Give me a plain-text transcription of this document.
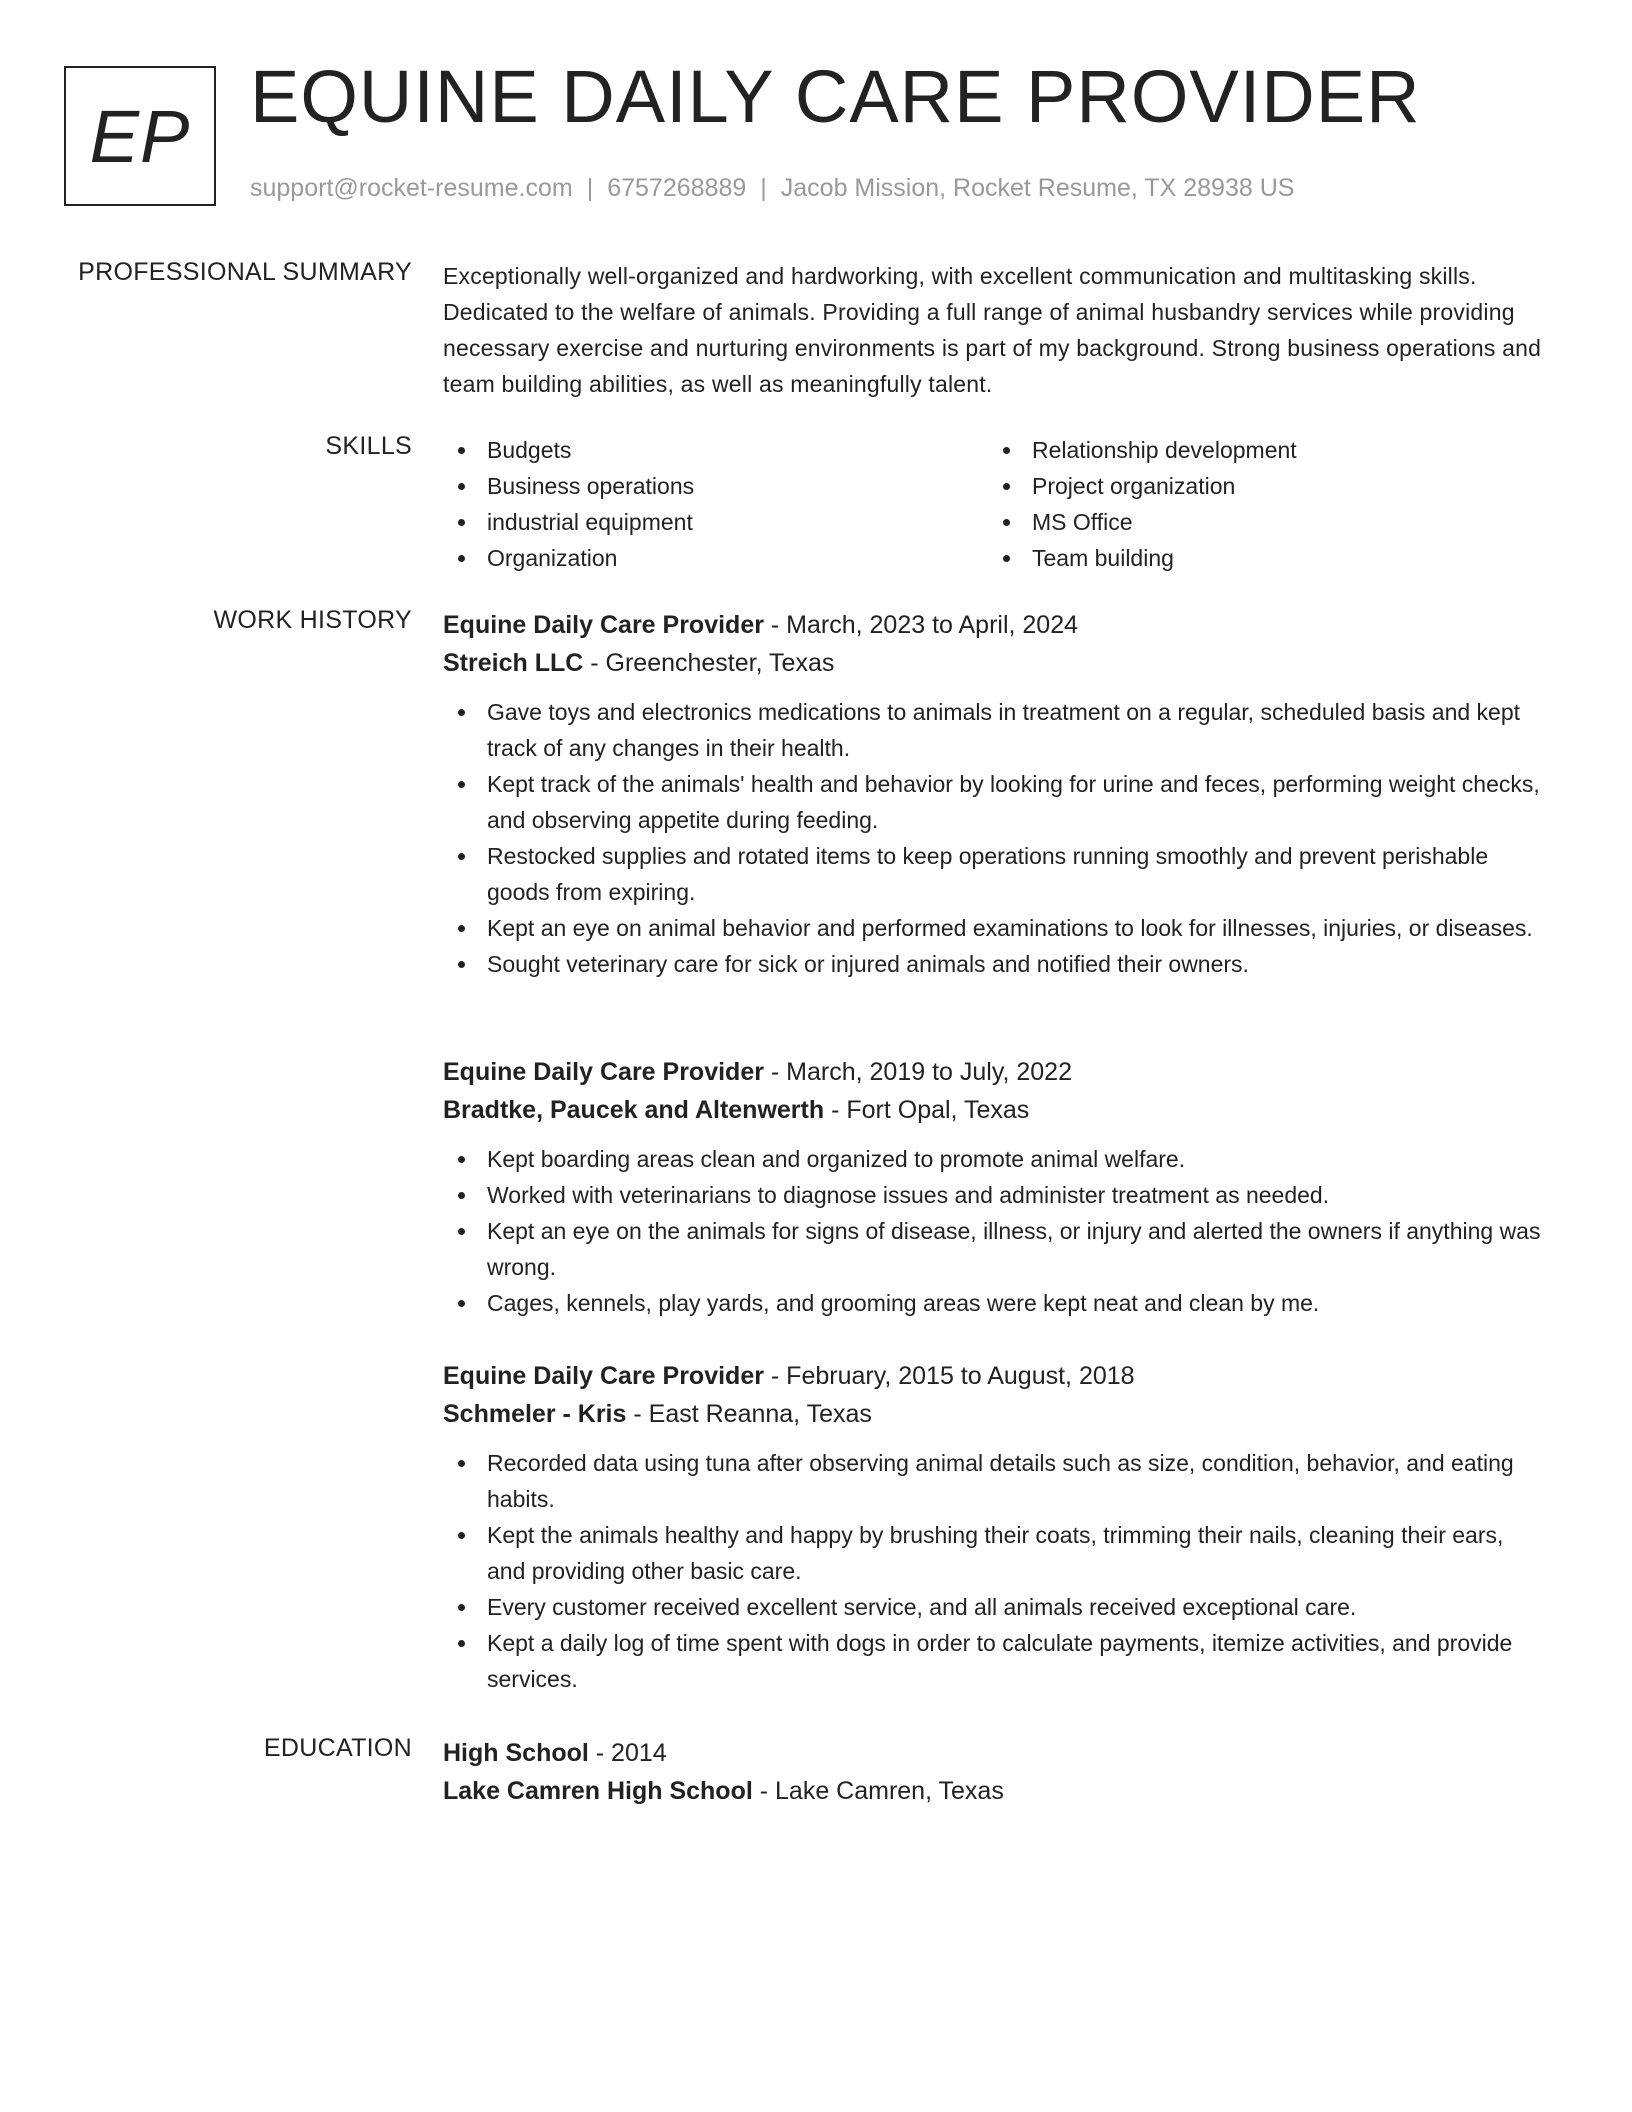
EP EQUINE DAILY CARE PROVIDER
support@rocket-resume.com | 6757268889 | Jacob Mission, Rocket Resume, TX 28938 US
PROFESSIONAL SUMMARY Exceptionally well-organized and hardworking, with excellent communication and multitasking skills. Dedicated to the welfare of animals. Providing a full range of animal husbandry services while providing necessary exercise and nurturing environments is part of my background. Strong business operations and team building abilities, as well as meaningfully talent.

SKILLS	Budgets
Business operations
industrial equipment
Organization
Relationship development
Project organization
MS Office
Team building
WORK HISTORY Equine Daily Care Provider - March, 2023 to April, 2024
Streich LLC - Greenchester, Texas
Gave toys and electronics medications to animals in treatment on a regular, scheduled basis and kept track of any changes in their health.
Kept track of the animals' health and behavior by looking for urine and feces, performing weight checks, and observing appetite during feeding.
Restocked supplies and rotated items to keep operations running smoothly and prevent perishable goods from expiring.
Kept an eye on animal behavior and performed examinations to look for illnesses, injuries, or diseases.
Sought veterinary care for sick or injured animals and notified their owners.
Equine Daily Care Provider - March, 2019 to July, 2022
Bradtke, Paucek and Altenwerth - Fort Opal, Texas
Kept boarding areas clean and organized to promote animal welfare.
Worked with veterinarians to diagnose issues and administer treatment as needed.
Kept an eye on the animals for signs of disease, illness, or injury and alerted the owners if anything was wrong.
Cages, kennels, play yards, and grooming areas were kept neat and clean by me.
Equine Daily Care Provider - February, 2015 to August, 2018
Schmeler - Kris - East Reanna, Texas
Recorded data using tuna after observing animal details such as size, condition, behavior, and eating habits.
Kept the animals healthy and happy by brushing their coats, trimming their nails, cleaning their ears, and providing other basic care.
Every customer received excellent service, and all animals received exceptional care.
Kept a daily log of time spent with dogs in order to calculate payments, itemize activities, and provide services.
EDUCATION High School - 2014
Lake Camren High School - Lake Camren, Texas
